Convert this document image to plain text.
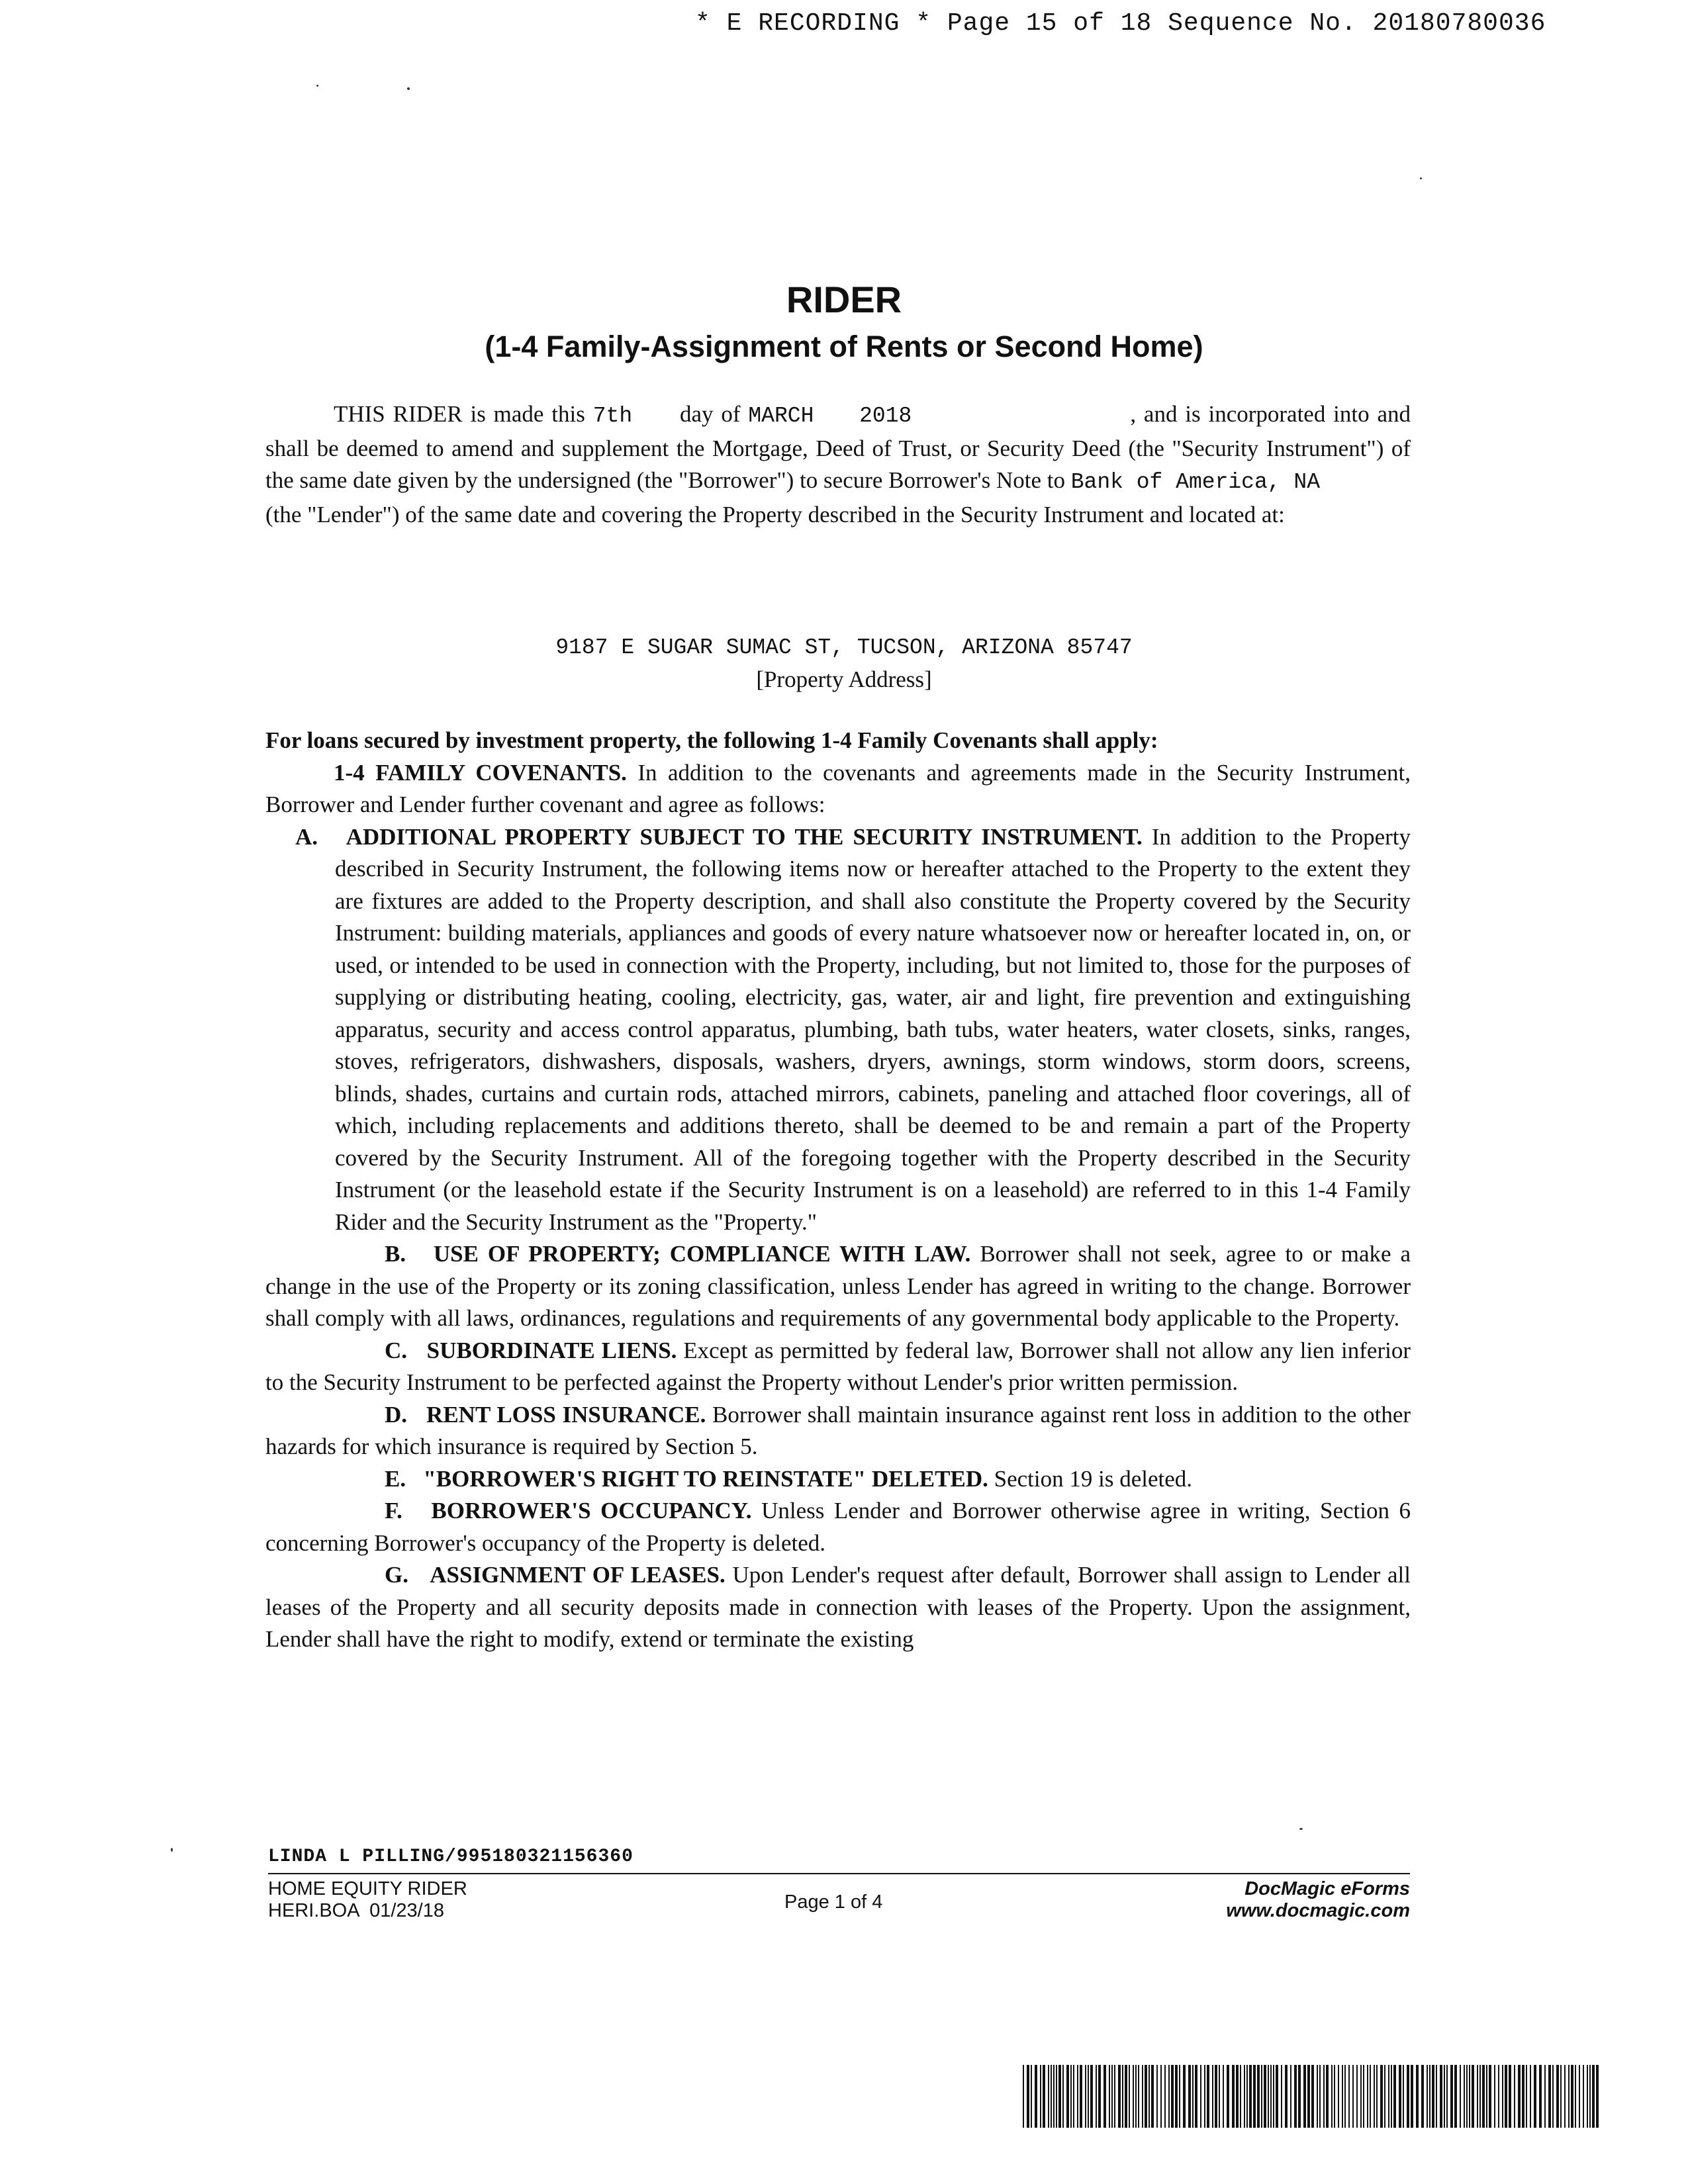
* E RECORDING * Page 15 of 18 Sequence No. 20180780036
RIDER
(1-4 Family-Assignment of Rents or Second Home)

THIS RIDER is made this 7th day of MARCH   2018	, and is incorporated into and shall be deemed to amend and supplement the Mortgage, Deed of Trust, or Security Deed (the "Security Instrument") of the same date given by the undersigned (the "Borrower") to secure Borrower's Note to Bank of America, NA

(the "Lender") of the same date and covering the Property described in the Security Instrument and located at:

9187 E SUGAR SUMAC ST, TUCSON, ARIZONA 85747
[Property Address]

For loans secured by investment property, the following 1-4 Family Covenants shall apply:

1-4 FAMILY COVENANTS. In addition to the covenants and agreements made in the Security Instrument, Borrower and Lender further covenant and agree as follows:

A. ADDITIONAL PROPERTY SUBJECT TO THE SECURITY INSTRUMENT. In addition to the Property described in Security Instrument, the following items now or hereafter attached to the Property to the extent they are fixtures are added to the Property description, and shall also constitute the Property covered by the Security Instrument: building materials, appliances and goods of every nature whatsoever now or hereafter located in, on, or used, or intended to be used in connection with the Property, including, but not limited to, those for the purposes of supplying or distributing heating, cooling, electricity, gas, water, air and light, fire prevention and extinguishing apparatus, security and access control apparatus, plumbing, bath tubs, water heaters, water closets, sinks, ranges, stoves, refrigerators, dishwashers, disposals, washers, dryers, awnings, storm windows, storm doors, screens, blinds, shades, curtains and curtain rods, attached mirrors, cabinets, paneling and attached floor coverings, all of which, including replacements and additions thereto, shall be deemed to be and remain a part of the Property covered by the Security Instrument. All of the foregoing together with the Property described in the Security Instrument (or the leasehold estate if the Security Instrument is on a leasehold) are referred to in this 1-4 Family Rider and the Security Instrument as the "Property."

B. USE OF PROPERTY; COMPLIANCE WITH LAW. Borrower shall not seek, agree to or make a change in the use of the Property or its zoning classification, unless Lender has agreed in writing to the change. Borrower shall comply with all laws, ordinances, regulations and requirements of any governmental body applicable to the Property.

C. SUBORDINATE LIENS. Except as permitted by federal law, Borrower shall not allow any lien inferior to the Security Instrument to be perfected against the Property without Lender's prior written permission.

D. RENT LOSS INSURANCE. Borrower shall maintain insurance against rent loss in addition to the other hazards for which insurance is required by Section 5.

E. "BORROWER'S RIGHT TO REINSTATE" DELETED. Section 19 is deleted.

F. BORROWER'S OCCUPANCY. Unless Lender and Borrower otherwise agree in writing, Section 6 concerning Borrower's occupancy of the Property is deleted.

G. ASSIGNMENT OF LEASES. Upon Lender's request after default, Borrower shall assign to Lender all leases of the Property and all security deposits made in connection with leases of the Property. Upon the assignment, Lender shall have the right to modify, extend or terminate the existing

LINDA L PILLING/995180321156360
HOME EQUITY RIDER
HERI.BOA  01/23/18	Page 1 of 4
DocMagic eForms
www.docmagic.com
